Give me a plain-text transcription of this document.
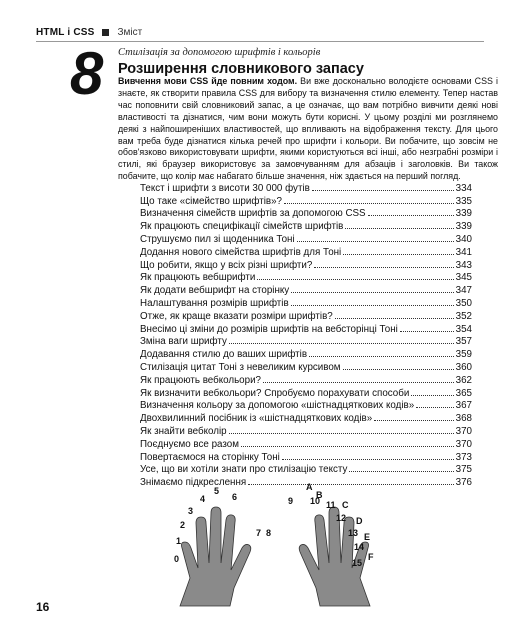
HTML і CSS Зміст
8 Стилізація за допомогою шрифтів і кольорів
Розширення словникового запасу

Вивчення мови CSS йде повним ходом. Ви вже досконально володієте основами CSS і знаєте, як створити правила CSS для вибору та визначення стилю елементу. Тепер настав час поповнити свій словниковий запас, а це означає, що вам потрібно вивчити деякі нові властивості та дізнатися, чим вони можуть бути корисні. У цьому розділі ми розглянемо деякі з найпоширеніших властивостей, що впливають на відображення тексту. Для цього вам треба буде дізнатися кілька речей про шрифти і кольори. Ви побачите, що зовсім не обов'язково використовувати шрифти, якими користуються всі інші, або незграбні розміри і стилі, які браузер використовує за замовчуванням для абзаців і заголовків. Ви також побачите, що колір має набагато більше значення, ніж здається на перший погляд.

Текст і шрифти з висоти 30 000 футів	334
Що таке «сімейство шрифтів»?	335
Визначення сімейств шрифтів за допомогою CSS	339
Як працюють специфікації сімейств шрифтів	339
Струшуємо пил зі щоденника Тоні	340
Додання нового сімейства шрифтів для Тоні	341
Що робити, якщо у всіх різні шрифти?	343
Як працюють вебшрифти	345
Як додати вебшрифт на сторінку	347
Налаштування розмірів шрифтів	350
Отже, як краще вказати розміри шрифтів?	352
Внесімо ці зміни до розмірів шрифтів на вебсторінці Тоні	354
Зміна ваги шрифту	357
Додавання стилю до ваших шрифтів	359
Стилізація цитат Тоні з невеликим курсивом	360
Як працюють вебкольори?	362
Як визначити вебкольори? Спробуємо порахувати способи	365
Визначення кольору за допомогою «шістнадцяткових кодів»	367
Двохвилинний посібник із «шістнадцяткових кодів»	368
Як знайти вебколір	370
Поєднуємо все разом	370
Повертаємося на сторінку Тоні	373
Усе, що ви хотіли знати про стилізацію тексту	375
Знімаємо підкреслення	376
0
1
2
3
4
5
6
7 8
9
A
B
10 11 C
12 D
13 E
14
15
F
16
